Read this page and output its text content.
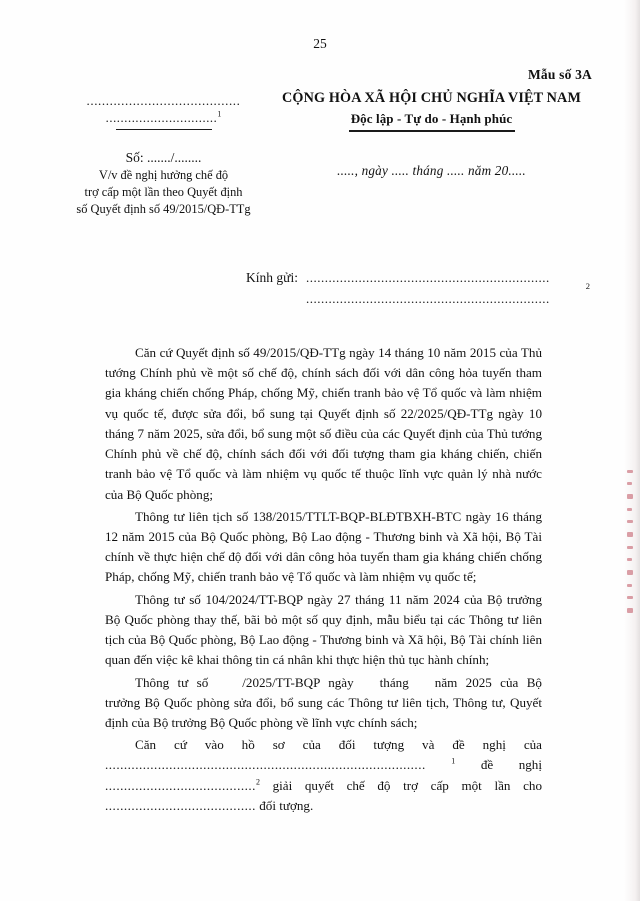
25
Mẫu số 3A
........................................
..............................$^1$
Số: ......./........
V/v đề nghị hưởng chế độ
trợ cấp một lần theo Quyết định
số Quyết định số 49/2015/QĐ-TTg
CỘNG HÒA XÃ HỘI CHỦ NGHĨA VIỆT NAM
Độc lập - Tự do - Hạnh phúc
....., ngày ..... tháng ..... năm 20.....
Kính gửi: .................................................................
2
.................................................................

Căn cứ Quyết định số 49/2015/QĐ-TTg ngày 14 tháng 10 năm 2015 của Thủ tướng Chính phủ về một số chế độ, chính sách đối với dân công hỏa tuyến tham gia kháng chiến chống Pháp, chống Mỹ, chiến tranh bảo vệ Tổ quốc và làm nhiệm vụ quốc tế, được sửa đổi, bổ sung tại Quyết định số 22/2025/QĐ-TTg ngày 10 tháng 7 năm 2025, sửa đổi, bổ sung một số điều của các Quyết định của Thủ tướng Chính phủ về chế độ, chính sách đối với đối tượng tham gia kháng chiến, chiến tranh bảo vệ Tổ quốc và làm nhiệm vụ quốc tế thuộc lĩnh vực quản lý nhà nước của Bộ Quốc phòng;

Thông tư liên tịch số 138/2015/TTLT-BQP-BLĐTBXH-BTC ngày 16 tháng 12 năm 2015 của Bộ Quốc phòng, Bộ Lao động - Thương binh và Xã hội, Bộ Tài chính về thực hiện chế độ đối với dân công hỏa tuyến tham gia kháng chiến chống Pháp, chống Mỹ, chiến tranh bảo vệ Tổ quốc và làm nhiệm vụ quốc tế;

Thông tư số 104/2024/TT-BQP ngày 27 tháng 11 năm 2024 của Bộ trưởng Bộ Quốc phòng thay thế, bãi bỏ một số quy định, mẫu biểu tại các Thông tư liên tịch của Bộ Quốc phòng, Bộ Lao động - Thương binh và Xã hội, Bộ Tài chính liên quan đến việc kê khai thông tin cá nhân khi thực hiện thủ tục hành chính;

Thông tư số	/2025/TT-BQP ngày tháng năm 2025 của Bộ trưởng Bộ Quốc phòng sửa đổi, bổ sung các Thông tư liên tịch, Thông tư, Quyết định của Bộ trưởng Bộ Quốc phòng về lĩnh vực chính sách;

Căn cứ vào hồ sơ của đối tượng và đề nghị của .....................................................................................	$^1$ đề nghị ........................................$^2$ giải quyết chế độ trợ cấp một lần cho ........................................ đối tượng.
